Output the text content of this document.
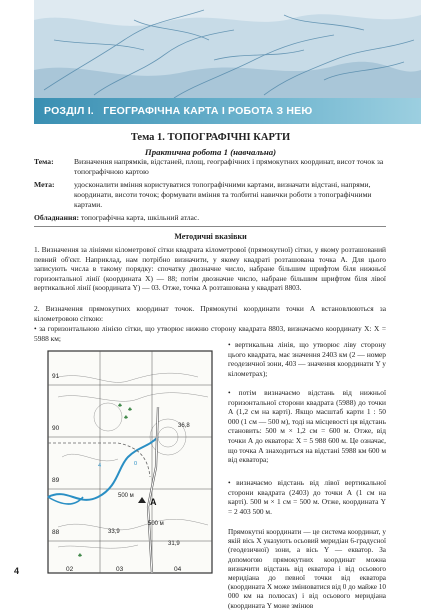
РОЗДІЛ І. ГЕОГРАФІЧНА КАРТА І РОБОТА З НЕЮ
Тема 1. ТОПОГРАФІЧНІ КАРТИ
Практична робота 1 (навчальна)
Тема:	Визначення напрямків, відстаней, площ, географічних і прямокутних координат, висот точок за топографічною картою
Мета:	удосконалити вміння користуватися топографічними картами, визначати відстані, напрями, координати, висоти точок; формувати вміння та толбитні навички роботи з топографічними картами.
Обладнання: топографічна карта, шкільний атлас.
Методичні вказівки
1. Визначення за лініями кілометрової сітки квадрата кілометрової (прямокутної) сітки, у якому розташований певний об'єкт. Наприклад, нам потрібно визначити, у якому квадраті розташована точка А. Для цього записують числа в такому порядку: спочатку двозначне число, набране більшим шрифтом біля нижньої горизонтальної лінії (координата Х) — 88; потім двозначне число, набране більшим шрифтом біля лівої вертикальної лінії (координата Y) — 03. Отже, точка А розташована у квадраті 8803.
2. Визначення прямокутних координат точок. Прямокутні координати точки А встановлюються за кілометровою сіткою:
• за горизонтальною лінією сітки, що утворює нижню сторону квадрата 8803, визначаємо координату Х: Х = 5988 км;
• вертикальна лінія, що утворює ліву сторону цього квадрата, має значення 2403 км (2 — номер геодезичної зони, 403 — значення координати Y у кілометрах);
• потім визначаємо відстань від нижньої горизонтальної сторони квадрата (5988) до точки А (1,2 см на карті). Якщо масштаб карти 1 : 50 000 (1 см — 500 м), тоді на місцевості ця відстань становить: 500 м × 1,2 см = 600 м. Отже, від точки А до екватора: Х = 5 988 600 м. Це означає, що точка А знаходиться на відстані 5988 км 600 м від екватора;
• визначаємо відстань від лівої вертикальної сторони квадрата (2403) до точки А (1 см на карті). 500 м × 1 см = 500 м. Отже, координата Y = 2 403 500 м.
Прямокутні координати — це система координат, у якій вісь Х указують осьовий меридіан 6-градусної (геодезичної) зони, а вісь Y — екватор. За допомогою прямокутних координат можна визначити відстань від екватора і від осьового меридіана до певної точки від екватора (координата Х може змінюватися від 0 до майже 10 000 км на полюсах) і від осьового меридіана (координата Y може змінюв
♣
♣
♣
♣
91
90
89
88
02	03	04
36,8
33,9
31,9
500 м
500 м
А
4	0
4
